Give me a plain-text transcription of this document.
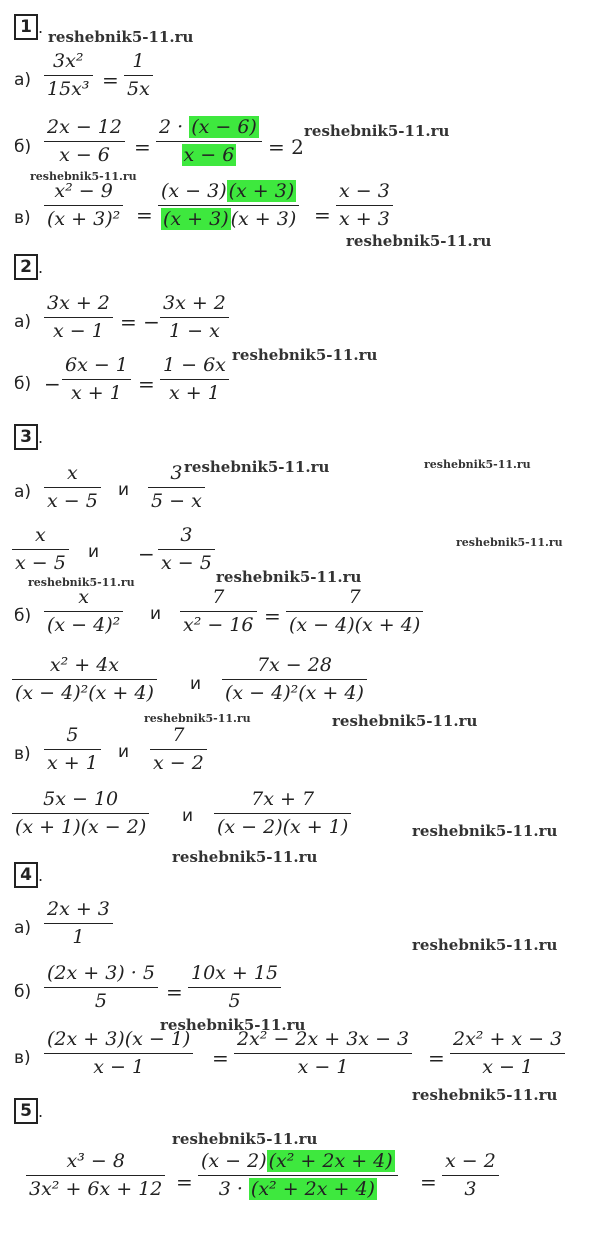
1 . reshebnik5-11.ru
а)
3x²
15x³ =
1
5x
б)
2x − 12
x − 6 =
2 · (x − 6)
x − 6 = 2
reshebnik5-11.ru
reshebnik5-11.ru
в)
x² − 9
(x + 3)² =
(x − 3) (x + 3)
(x + 3) (x + 3) =
x − 3
x + 3
reshebnik5-11.ru
2 .
а)
3x + 2
x − 1 = −
3x + 2
1 − x
б) −
6x − 1
x + 1 =
1 − 6x
x + 1
reshebnik5-11.ru
3 .
а)
x
x − 5
и
3
5 − x
reshebnik5-11.ru	reshebnik5-11.ru
x
x − 5
и −
3
x − 5
reshebnik5-11.ru
reshebnik5-11.ru	reshebnik5-11.ru
б)
x
(x − 4)²
и
7
x² − 16 =
7
(x − 4)(x + 4)
x² + 4x
(x − 4)²(x + 4) и
7x − 28
(x − 4)²(x + 4)
reshebnik5-11.ru	reshebnik5-11.ru
в)
5
x + 1
и
7
x − 2
5x − 10
(x + 1)(x − 2)
и
7x + 7
(x − 2)(x + 1)	reshebnik5-11.ru
reshebnik5-11.ru
4 .
а)
2x + 3
1	reshebnik5-11.ru
б)
(2x + 3) · 5
5	=
10x + 15
5
reshebnik5-11.ru
в)
(2x + 3)(x − 1)
x − 1	=
2x² − 2x + 3x − 3
x − 1	=
2x² + x − 3
x − 1
reshebnik5-11.ru
5 .
reshebnik5-11.ru
x³ − 8
3x² + 6x + 12 =
(x − 2) (x² + 2x + 4)
3 · (x² + 2x + 4) =
x − 2
3
